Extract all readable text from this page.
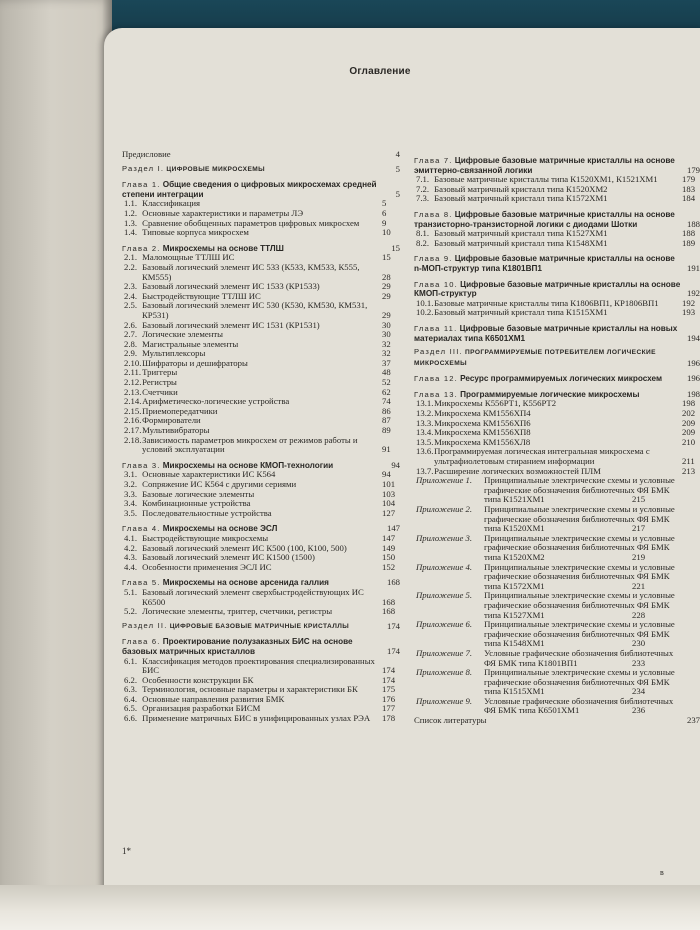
Оглавление
Предисловие	4
Раздел I. ЦИФРОВЫЕ МИКРОСХЕМЫ	5
Глава 1. Общие сведения о цифровых микросхемах средней степени интеграции	5
1.1. Классификация	5
1.2. Основные характеристики и параметры ЛЭ	6
1.3. Сравнение обобщенных параметров цифровых микросхем	9
1.4. Типовые корпуса микросхем	10
Глава 2. Микросхемы на основе ТТЛШ	15
2.1. Маломощные ТТЛШ ИС	15
2.2. Базовый логический элемент ИС 533 (К533, КМ533, К555, КМ555)	28
2.3. Базовый логический элемент ИС 1533 (КР1533)	29
2.4. Быстродействующие ТТЛШ ИС	29
2.5. Базовый логический элемент ИС 530 (К530, КМ530, КМ531, КР531)	29
2.6. Базовый логический элемент ИС 1531 (КР1531)	30
2.7. Логические элементы	30
2.8. Магистральные элементы	32
2.9. Мультиплексоры	32
2.10. Шифраторы и дешифраторы	37
2.11. Триггеры	48
2.12. Регистры	52
2.13. Счетчики	62
2.14. Арифметическо-логические устройства	74
2.15. Приемопередатчики	86
2.16. Формирователи	87
2.17. Мультивибраторы	89
2.18. Зависимость параметров микросхем от режимов работы и условий эксплуатации	91
Глава 3. Микросхемы на основе КМОП-технологии	94
3.1. Основные характеристики ИС К564	94
3.2. Сопряжение ИС К564 с другими сериями	101
3.3. Базовые логические элементы	103
3.4. Комбинационные устройства	104
3.5. Последовательностные устройства	127
Глава 4. Микросхемы на основе ЭСЛ	147
4.1. Быстродействующие микросхемы	147
4.2. Базовый логический элемент ИС К500 (100, К100, 500)	149
4.3. Базовый логический элемент ИС К1500 (1500)	150
4.4. Особенности применения ЭСЛ ИС	152
Глава 5. Микросхемы на основе арсенида галлия	168
5.1. Базовый логический элемент сверхбыстродействующих ИС К6500	168
5.2. Логические элементы, триггер, счетчики, регистры	168
Раздел II. ЦИФРОВЫЕ БАЗОВЫЕ МАТРИЧНЫЕ КРИСТАЛЛЫ	174
Глава 6. Проектирование полузаказных БИС на основе базовых матричных кристаллов	174
6.1. Классификация методов проектирования специализированных БИС	174
6.2. Особенности конструкции БК	174
6.3. Терминология, основные параметры и характеристики БК	175
6.4. Основные направления развития БМК	176
6.5. Организация разработки БИСМ	177
6.6. Применение матричных БИС в унифицированных узлах РЭА 178
Глава 7. Цифровые базовые матричные кристаллы на основе эмиттерно-связанной логики	179
7.1. Базовые матричные кристаллы типа К1520ХМ1, К1521ХМ1	179
7.2. Базовый матричный кристалл типа К1520ХМ2	183
7.3. Базовый матричный кристалл типа К1572ХМ1	184
Глава 8. Цифровые базовые матричные кристаллы на основе транзисторно-транзисторной логики с диодами Шотки	188
8.1. Базовый матричный кристалл типа К1527ХМ1	188
8.2. Базовый матричный кристалл типа К1548ХМ1	189
Глава 9. Цифровые базовые матричные кристаллы на основе n-МОП-структур типа К1801ВП1	191
Глава 10. Цифровые базовые матричные кристаллы на основе КМОП-структур	192
10.1. Базовые матричные кристаллы типа К1806ВП1, КР1806ВП1	192
10.2. Базовый матричный кристалл типа К1515ХМ1	193
Глава 11. Цифровые базовые матричные кристаллы на новых материалах типа К6501ХМ1	194
Раздел III. ПРОГРАММИРУЕМЫЕ ПОТРЕБИТЕЛЕМ ЛОГИЧЕСКИЕ МИКРОСХЕМЫ	196
Глава 12. Ресурс программируемых логических микросхем	196
Глава 13. Программируемые логические микросхемы	198
13.1. Микросхемы К556РТ1, К556РТ2	198
13.2. Микросхема КМ1556ХП4	202
13.3. Микросхема КМ1556ХП6	209
13.4. Микросхема КМ1556ХП8	209
13.5. Микросхема КМ1556ХЛ8	210
13.6. Программируемая логическая интегральная микросхема с ультрафиолетовым стиранием информации	211
13.7. Расширение логических возможностей ПЛМ	213
Приложение 1. Принципиальные электрические схемы и условные графические обозначения библиотечных ФЯ БМК типа К1521ХМ1	215
Приложение 2. Принципиальные электрические схемы и условные графические обозначения библиотечных ФЯ БМК типа К1520ХМ1	217
Приложение 3. Принципиальные электрические схемы и условные графические обозначения библиотечных ФЯ БМК типа К1520ХМ2	219
Приложение 4. Принципиальные электрические схемы и условные графические обозначения библиотечных ФЯ БМК типа К1572ХМ1	221
Приложение 5. Принципиальные электрические схемы и условные графические обозначения библиотечных ФЯ БМК типа К1527ХМ1	228
Приложение 6. Принципиальные электрические схемы и условные графические обозначения библиотечных ФЯ БМК типа К1548ХМ1	230
Приложение 7. Условные графические обозначения библиотечных ФЯ БМК типа К1801ВП1	233
Приложение 8. Принципиальные электрические схемы и условные графические обозначения библиотечных ФЯ БМК типа К1515ХМ1	234
Приложение 9. Условные графические обозначения библиотечных ФЯ БМК типа К6501ХМ1	236
Список литературы	237
1*
в
